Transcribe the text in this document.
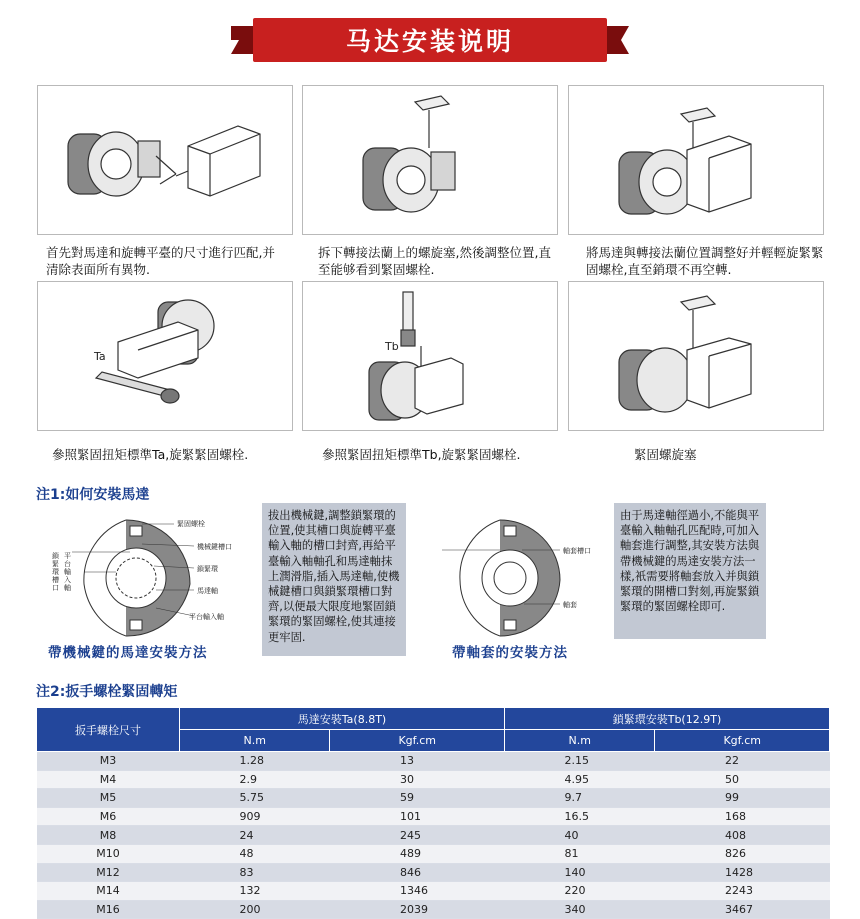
马达安装说明
首先對馬達和旋轉平臺的尺寸進行匹配,并清除表面所有異物.
拆下轉接法蘭上的螺旋塞,然後調整位置,直至能够看到緊固螺栓.
將馬達與轉接法蘭位置調整好并輕輕旋緊緊固螺栓,直至銷環不再空轉.
Ta
Tb
參照緊固扭矩標準Ta,旋緊緊固螺栓.	參照緊固扭矩標準Tb,旋緊緊固螺栓.	緊固螺旋塞
注1:如何安裝馬達
緊固螺栓
機械鍵槽口
鎖緊環
馬達軸
平台輸入軸
鎖緊環槽口
平台輸入軸
拔出機械鍵,調整鎖緊環的位置,使其槽口與旋轉平臺輸入軸的槽口封齊,再給平臺輸入軸軸孔和馬達軸抹上潤滑脂,插入馬達軸,使機械鍵槽口與鎖緊環槽口對齊,以便最大限度地緊固鎖緊環的緊固螺栓,使其連接更牢固.
帶機械鍵的馬達安裝方法
軸套槽口
軸套
由于馬達軸徑過小,不能與平臺輸入軸軸孔匹配時,可加入軸套進行調整,其安裝方法與帶機械鍵的馬達安裝方法一樣,衹需要將軸套放入并與鎖緊環的開槽口對刻,再旋緊鎖緊環的緊固螺栓即可.
帶軸套的安裝方法
注2:扳手螺栓緊固轉矩
扳手螺栓尺寸	馬達安裝Ta(8.8T)		鎖緊環安裝Tb(12.9T)	
	N.m	Kgf.cm	N.m	Kgf.cm
M3	1.28	13	2.15	22
M4	2.9	30	4.95	50
M5	5.75	59	9.7	99
M6	909	101	16.5	168
M8	24	245	40	408
M10	48	489	81	826
M12	83	846	140	1428
M14	132	1346	220	2243
M16	200	2039	340	3467
